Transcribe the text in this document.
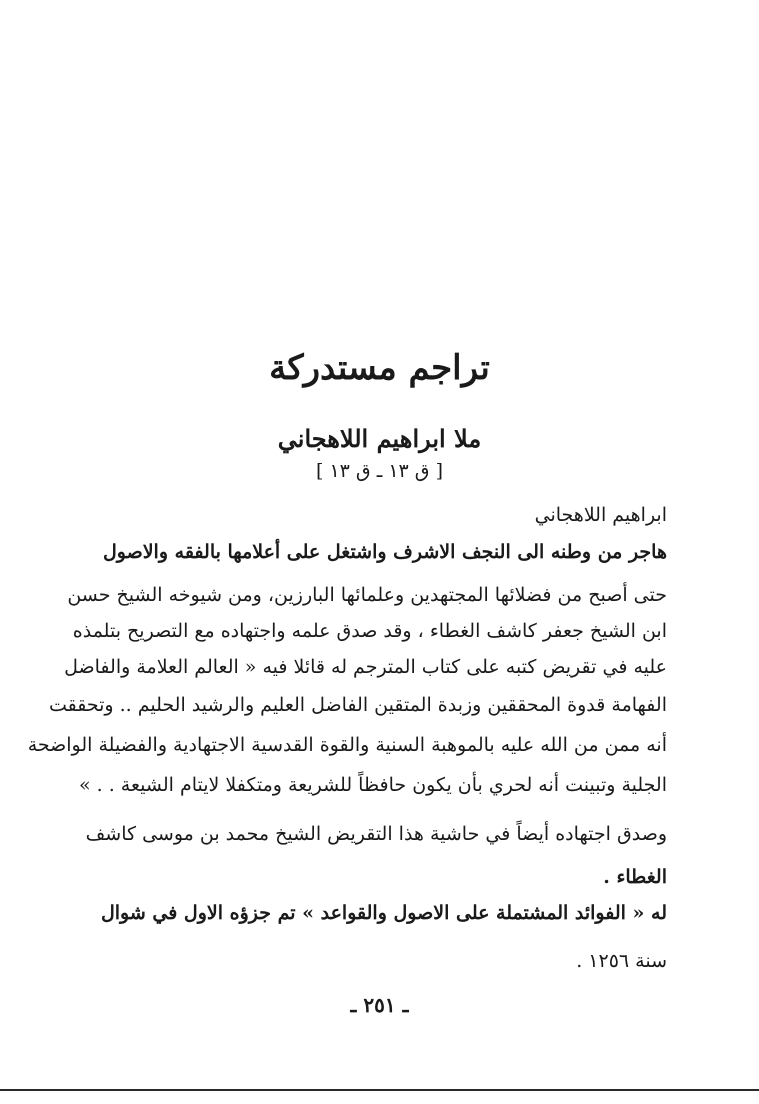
تراجم مستدركة
ملا ابراهيم اللاهجاني
[ ق ١٣ ـ ق ١٣ ]
ابراهيم اللاهجاني
هاجر من وطنه الى النجف الاشرف واشتغل على أعلامها بالفقه والاصول
حتى أصبح من فضلائها المجتهدين وعلمائها البارزين، ومن شيوخه الشيخ حسن
ابن الشيخ جعفر كاشف الغطاء ، وقد صدق علمه واجتهاده مع التصريح بتلمذه
عليه في تقريض كتبه على كتاب المترجم له قائلا فيه « العالم العلامة والفاضل
الفهامة قدوة المحققين وزبدة المتقين الفاضل العليم والرشيد الحليم .. وتحققت
أنه ممن من الله عليه بالموهبة السنية والقوة القدسية الاجتهادية والفضيلة الواضحة
الجلية وتبينت أنه لحري بأن يكون حافظاً للشريعة ومتكفلا لايتام الشيعة . . »
وصدق اجتهاده أيضاً في حاشية هذا التقريض الشيخ محمد بن موسى كاشف
الغطاء .
له « الفوائد المشتملة على الاصول والقواعد » تم جزؤه الاول في شوال
سنة ١٢٥٦ .
ـ ٢٥١ ـ
